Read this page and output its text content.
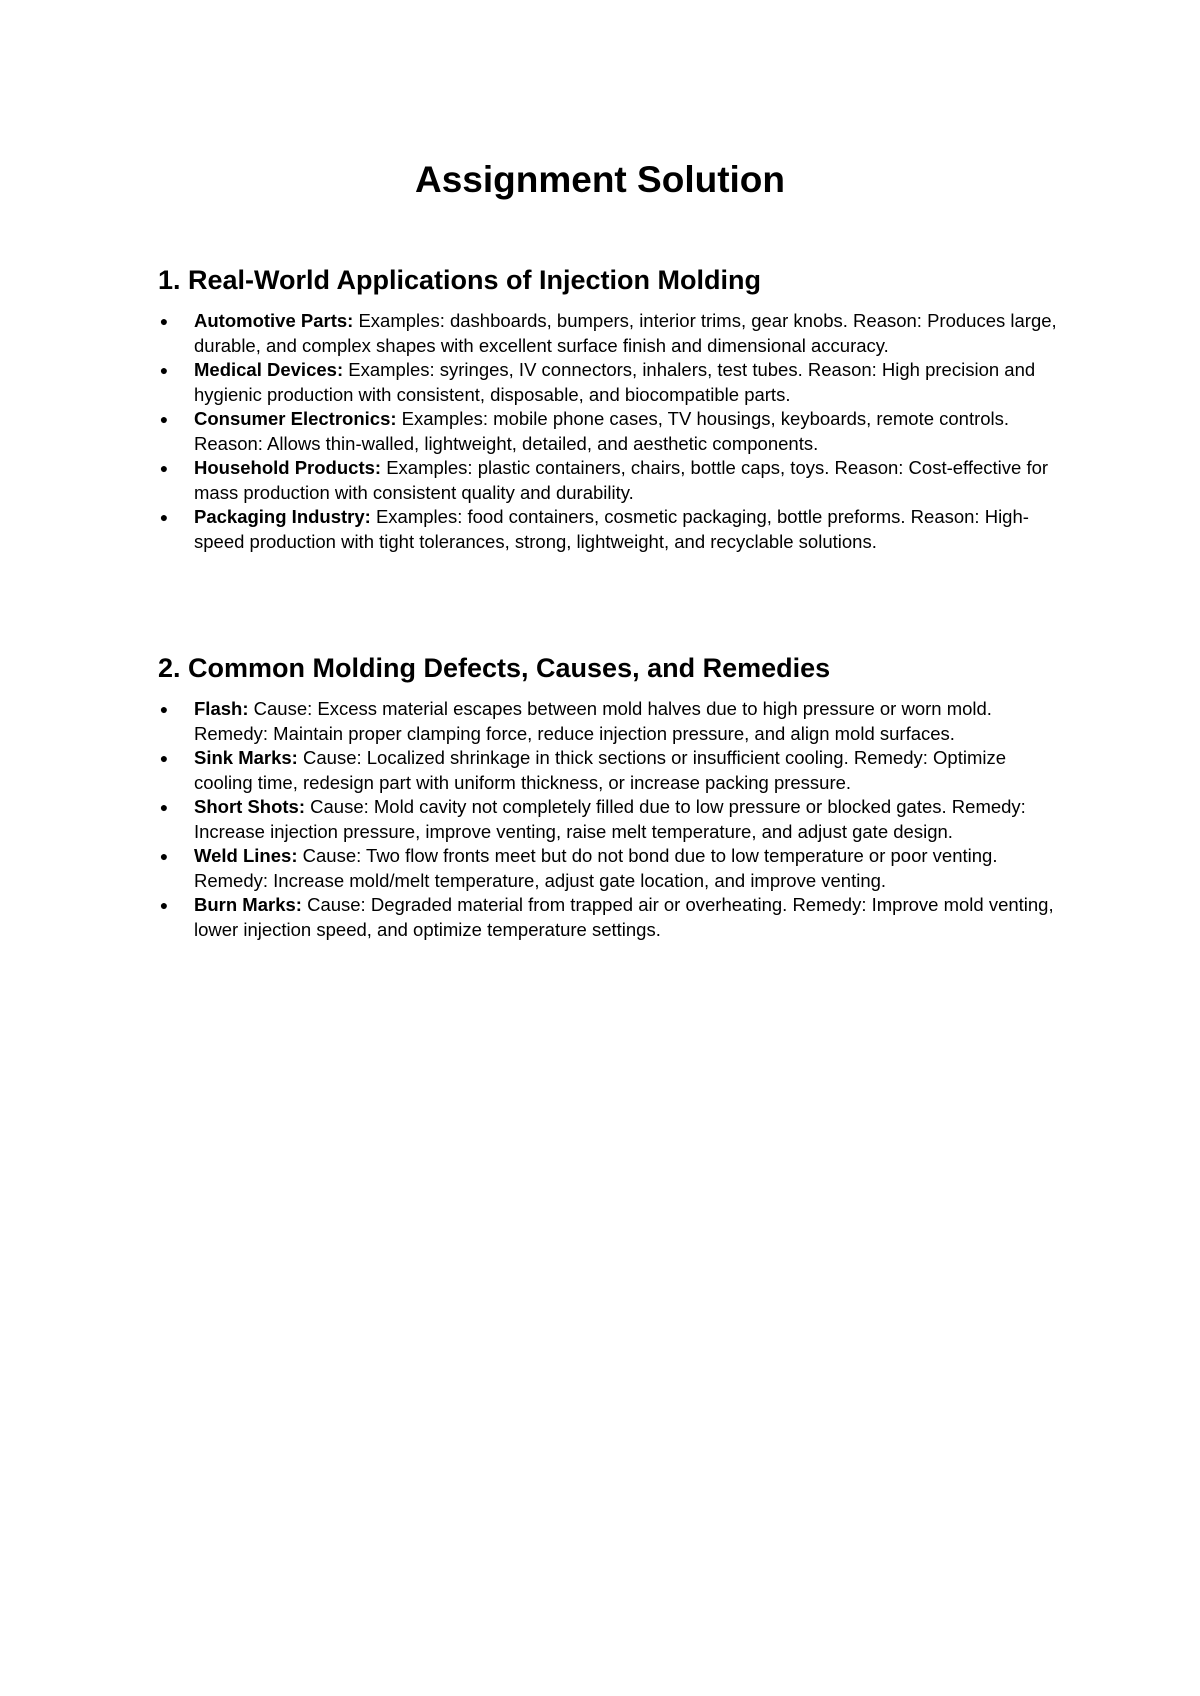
Assignment Solution
1. Real-World Applications of Injection Molding
● Automotive Parts: Examples: dashboards, bumpers, interior trims, gear knobs. Reason: Produces large, durable, and complex shapes with excellent surface finish and dimensional accuracy.
● Medical Devices: Examples: syringes, IV connectors, inhalers, test tubes. Reason: High precision and hygienic production with consistent, disposable, and biocompatible parts.
● Consumer Electronics: Examples: mobile phone cases, TV housings, keyboards, remote controls. Reason: Allows thin-walled, lightweight, detailed, and aesthetic components.
● Household Products: Examples: plastic containers, chairs, bottle caps, toys. Reason: Cost-effective for mass production with consistent quality and durability.
● Packaging Industry: Examples: food containers, cosmetic packaging, bottle preforms. Reason: High-speed production with tight tolerances, strong, lightweight, and recyclable solutions.
2. Common Molding Defects, Causes, and Remedies
● Flash: Cause: Excess material escapes between mold halves due to high pressure or worn mold. Remedy: Maintain proper clamping force, reduce injection pressure, and align mold surfaces.
● Sink Marks: Cause: Localized shrinkage in thick sections or insufficient cooling. Remedy: Optimize cooling time, redesign part with uniform thickness, or increase packing pressure.
● Short Shots: Cause: Mold cavity not completely filled due to low pressure or blocked gates. Remedy: Increase injection pressure, improve venting, raise melt temperature, and adjust gate design.
● Weld Lines: Cause: Two flow fronts meet but do not bond due to low temperature or poor venting. Remedy: Increase mold/melt temperature, adjust gate location, and improve venting.
● Burn Marks: Cause: Degraded material from trapped air or overheating. Remedy: Improve mold venting, lower injection speed, and optimize temperature settings.
